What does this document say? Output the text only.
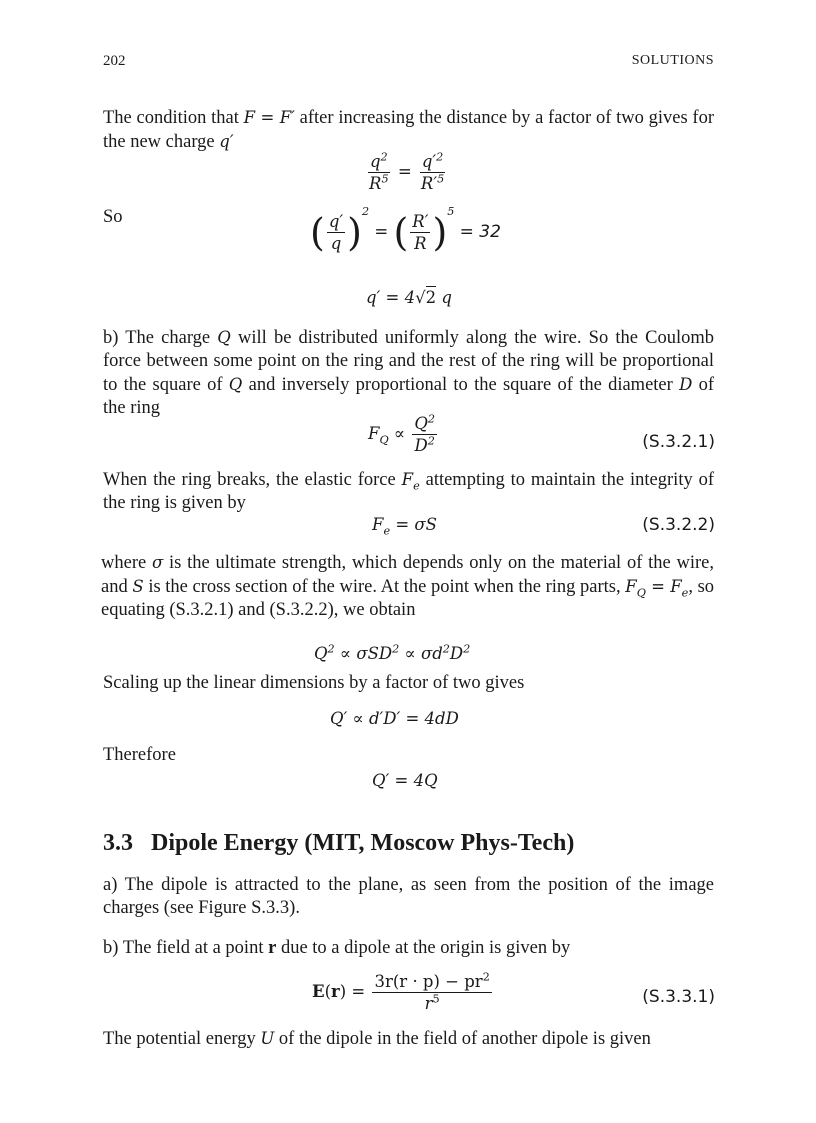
202	SOLUTIONS
The condition that F = F′ after increasing the distance by a factor of two gives for the new charge q′
$\frac{q^2}{R^5} = \frac{q'^2}{R'^5}$
So	( $\frac{q'}{q} )^2$ = ( $\frac{R'}{R} )^5 = 32$
q′ = 4√2 q
b) The charge Q will be distributed uniformly along the wire. So the Coulomb force between some point on the ring and the rest of the ring will be proportional to the square of Q and inversely proportional to the square of the diameter D of the ring
$F_Q \propto \frac{Q^2}{D^2}$	(S.3.2.1)
When the ring breaks, the elastic force $F_e$ attempting to maintain the integrity of the ring is given by
$F_e = \sigma S$	(S.3.2.2)
where σ is the ultimate strength, which depends only on the material of the wire, and S is the cross section of the wire. At the point when the ring parts, $F_Q = F_e$, so equating (S.3.2.1) and (S.3.2.2), we obtain
$Q^2 \propto \sigma SD^2 \propto \sigma d^2D^2$
Scaling up the linear dimensions by a factor of two gives
Q′ ∝ d′D′ = 4dD
Therefore
Q′ = 4Q
3.3 Dipole Energy (MIT, Moscow Phys-Tech)
a) The dipole is attracted to the plane, as seen from the position of the image charges (see Figure S.3.3).
b) The field at a point r due to a dipole at the origin is given by
$E(r) = \frac{3r(r \cdot p) - pr^2}{r^5}$	(S.3.3.1)
The potential energy U of the dipole in the field of another dipole is given
